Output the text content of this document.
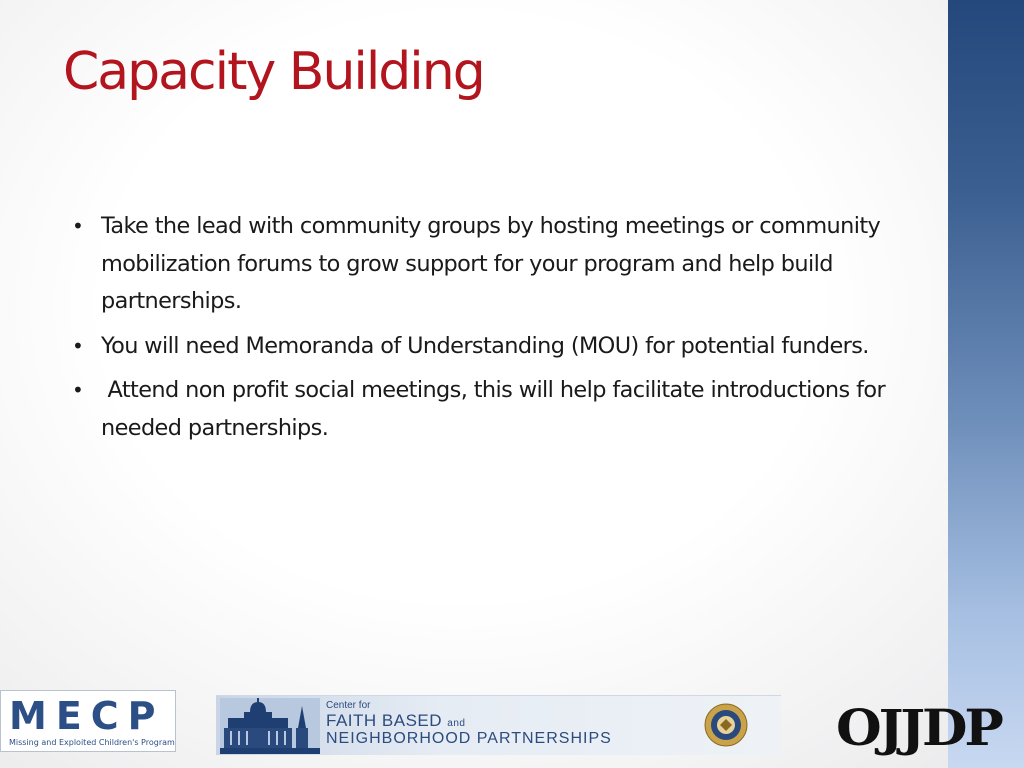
Capacity Building
• Take the lead with community groups by hosting meetings or community mobilization forums to grow support for your program and help build partnerships.
• You will need Memoranda of Understanding (MOU) for potential funders.
• Attend non profit social meetings, this will help facilitate introductions for needed partnerships.
MECP
Missing and Exploited Children's Program
Center for
FAITH BASED and
NEIGHBORHOOD PARTNERSHIPS	OJJDP
